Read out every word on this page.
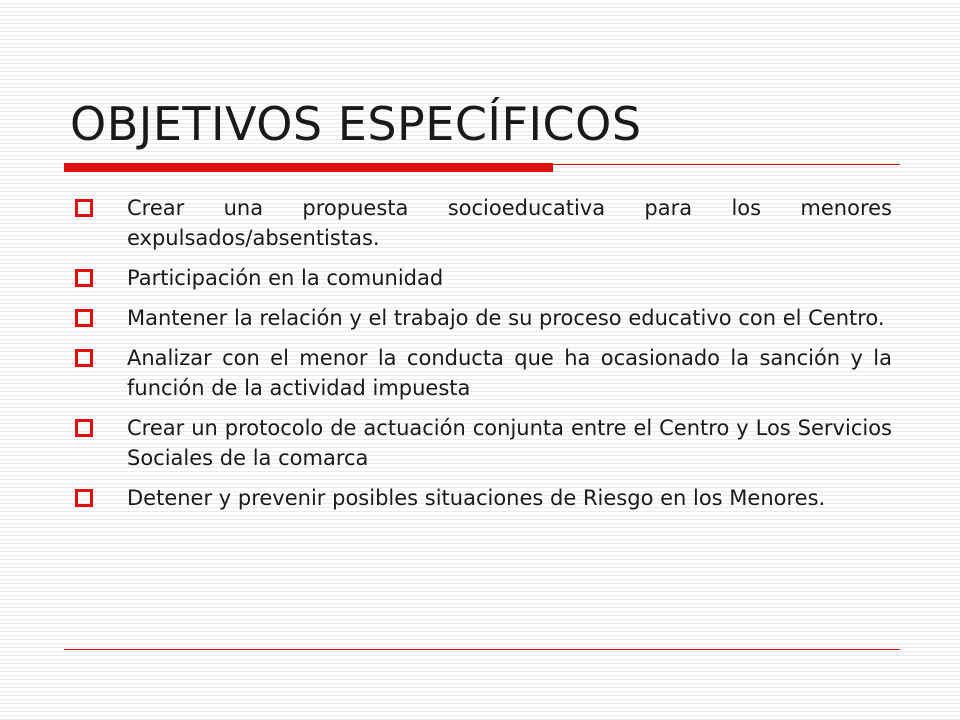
OBJETIVOS ESPECÍFICOS
Crear una propuesta socioeducativa para los menores expulsados/absentistas.
Participación en la comunidad
Mantener la relación y el trabajo de su proceso educativo con el Centro.
Analizar con el menor la conducta que ha ocasionado la sanción y la función de la actividad impuesta
Crear un protocolo de actuación conjunta entre el Centro y Los Servicios Sociales de la comarca
Detener y prevenir posibles situaciones de Riesgo en los Menores.
